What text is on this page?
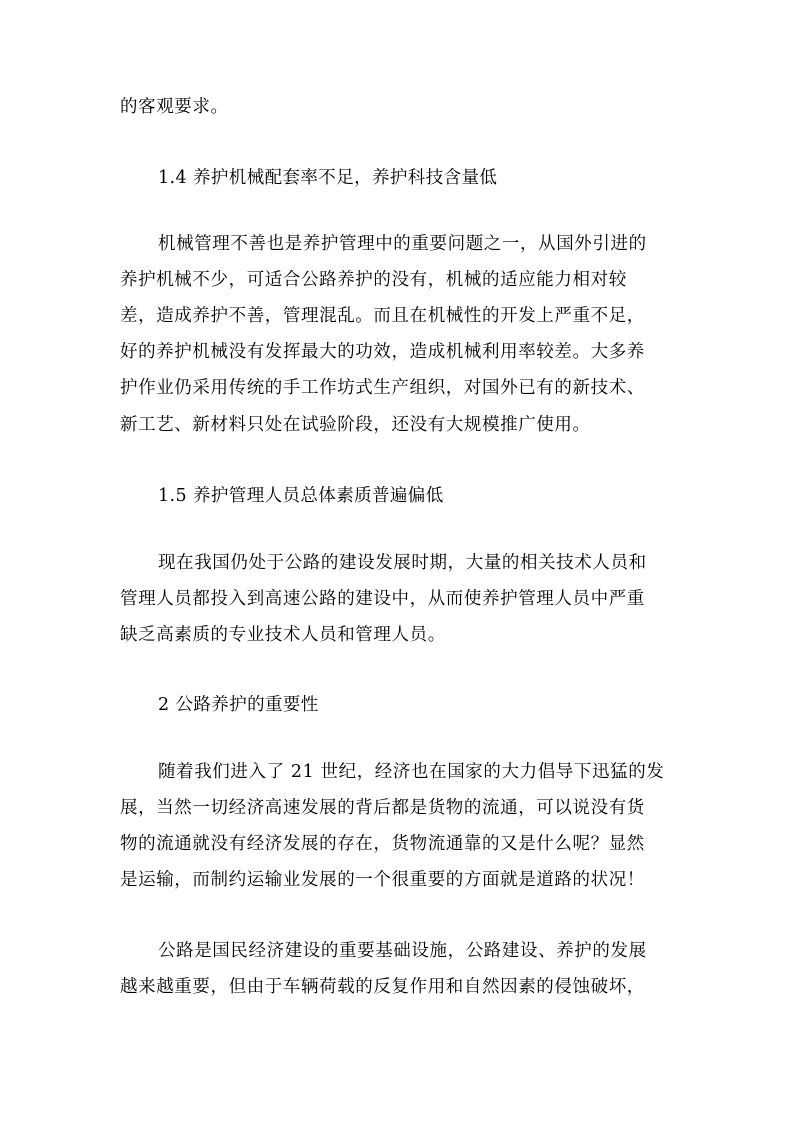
的客观要求。
1.4 养护机械配套率不足，养护科技含量低
机械管理不善也是养护管理中的重要问题之一，从国外引进的
养护机械不少，可适合公路养护的没有，机械的适应能力相对较
差，造成养护不善，管理混乱。而且在机械性的开发上严重不足，
好的养护机械没有发挥最大的功效，造成机械利用率较差。大多养
护作业仍采用传统的手工作坊式生产组织，对国外已有的新技术、
新工艺、新材料只处在试验阶段，还没有大规模推广使用。
1.5 养护管理人员总体素质普遍偏低
现在我国仍处于公路的建设发展时期，大量的相关技术人员和
管理人员都投入到高速公路的建设中，从而使养护管理人员中严重
缺乏高素质的专业技术人员和管理人员。
2 公路养护的重要性
随着我们进入了 21 世纪，经济也在国家的大力倡导下迅猛的发
展，当然一切经济高速发展的背后都是货物的流通，可以说没有货
物的流通就没有经济发展的存在，货物流通靠的又是什么呢？显然
是运输，而制约运输业发展的一个很重要的方面就是道路的状况！
公路是国民经济建设的重要基础设施，公路建设、养护的发展
越来越重要，但由于车辆荷载的反复作用和自然因素的侵蚀破坏，
